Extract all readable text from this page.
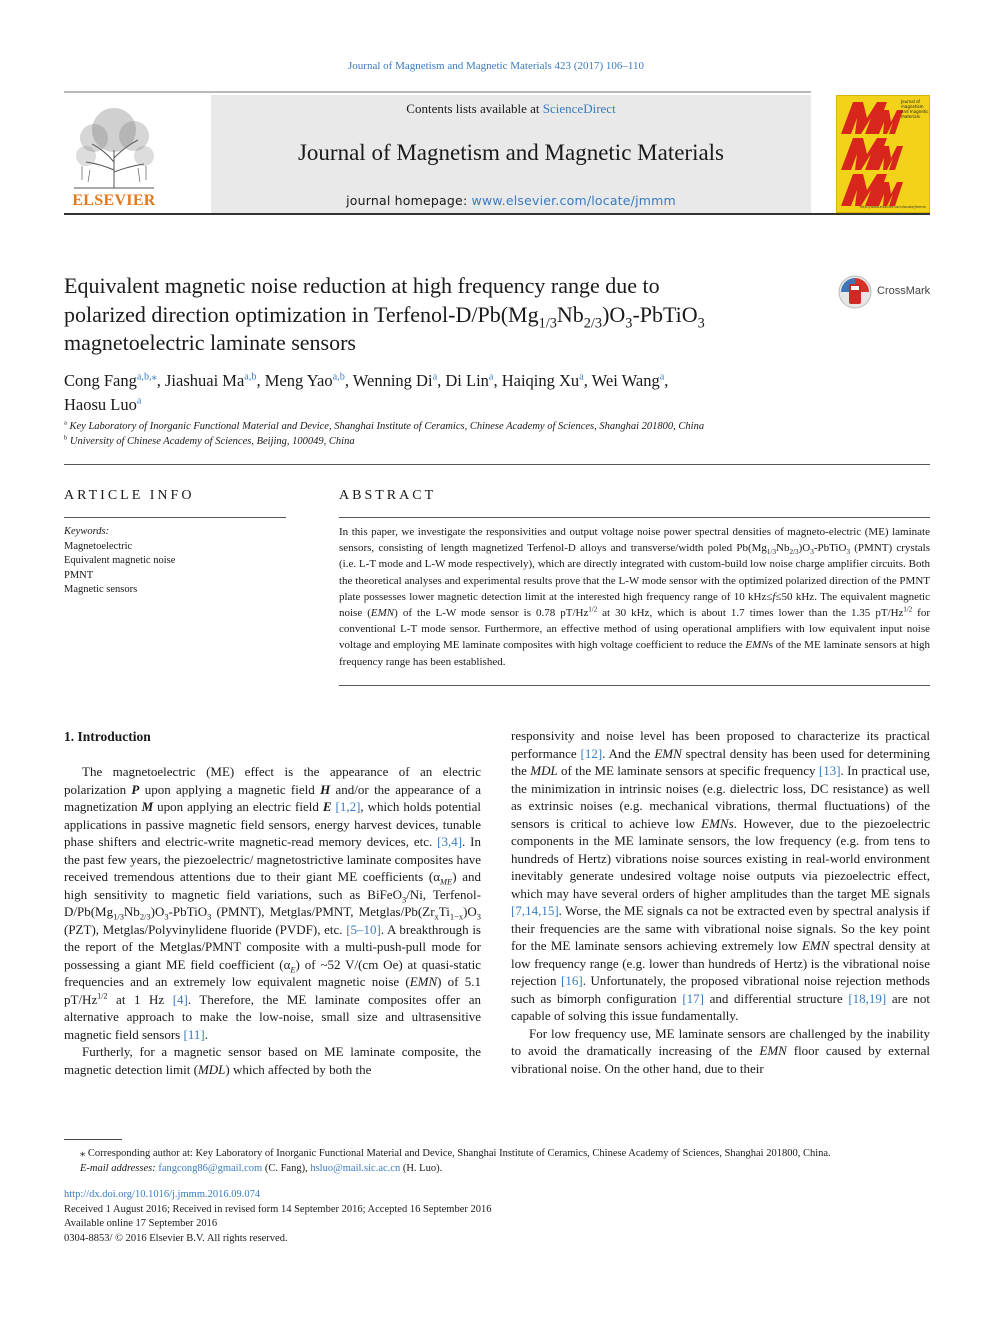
Journal of Magnetism and Magnetic Materials 423 (2017) 106–110
ELSEVIER
Contents lists available at ScienceDirect
Journal of Magnetism and Magnetic Materials
journal homepage: www.elsevier.com/locate/jmmm
Journal of magnetism and magnetic materials
http://www.elsevier.com/locate/jmmm
Equivalent magnetic noise reduction at high frequency range due to
polarized direction optimization in Terfenol-$D/Pb(Mg_{1/3}Nb_{2/3})O_3-PbTiO_3$
magnetoelectric laminate sensors
CrossMark
Cong Fang$^{a,b,⁎}$, Jiashuai Ma$^{a,b}$, Meng Yao$^{a,b}$, Wenning Di$^a$, Di Lin$^a$, Haiqing Xu$^a$, Wei Wang$^a$,
Haosu Luo$^a$
$^a$ Key Laboratory of Inorganic Functional Material and Device, Shanghai Institute of Ceramics, Chinese Academy of Sciences, Shanghai 201800, China
$^b$ University of Chinese Academy of Sciences, Beijing, 100049, China
ARTICLE INFO	ABSTRACT
Keywords:
Magnetoelectric
Equivalent magnetic noise
PMNT
Magnetic sensors
In this paper, we investigate the responsivities and output voltage noise power spectral densities of magneto-electric (ME) laminate sensors, consisting of length magnetized Terfenol-D alloys and transverse/width poled $Pb(Mg_{1/3}Nb_{2/3})O_3-PbTiO_3$ (PMNT) crystals (i.e. L-T mode and L-W mode respectively), which are directly integrated with custom-build low noise charge amplifier circuits. Both the theoretical analyses and experimental results prove that the L-W mode sensor with the optimized polarized direction of the PMNT plate possesses lower magnetic detection limit at the interested high frequency range of 10 kHz≤f≤50 kHz. The equivalent magnetic noise (EMN) of the L-W mode sensor is 0.78 $pT/Hz^{1/2}$ at 30 kHz, which is about 1.7 times lower than the 1.35 $pT/Hz^{1/2}$ for conventional L-T mode sensor. Furthermore, an effective method of using operational amplifiers with low equivalent input noise voltage and employing ME laminate composites with high voltage coefficient to reduce the EMNs of the ME laminate sensors at high frequency range has been established.
1. Introduction

The magnetoelectric (ME) effect is the appearance of an electric polarization P upon applying a magnetic field H and/or the appearance of a magnetization M upon applying an electric field E [1,2], which holds potential applications in passive magnetic field sensors, energy harvest devices, tunable phase shifters and electric-write magnetic-read memory devices, etc. [3,4]. In the past few years, the piezoelectric/ magnetostrictive laminate composites have received tremendous attentions due to their giant ME coefficients $(\alpha_{ME})$ and high sensitivity to magnetic field variations, such as BiFeO$_3$/Ni, Terfenol-$D/Pb(Mg_{1/3}Nb_{2/3})O_3-PbTiO_3$ (PMNT), Metglas/PMNT, Metglas/$Pb(Zr_xTi_{1-x})O_3$ (PZT), Metglas/Polyvinylidene fluoride (PVDF), etc. [5–10]. A breakthrough is the report of the Metglas/PMNT composite with a multi-push-pull mode for possessing a giant ME field coefficient $(\alpha_E)$ of ~52 V/(cm Oe) at quasi-static frequencies and an extremely low equivalent magnetic noise (EMN) of 5.1 $pT/Hz^{1/2}$ at 1 Hz [4]. Therefore, the ME laminate composites offer an alternative approach to make the low-noise, small size and ultrasensitive magnetic field sensors [11].

Furtherly, for a magnetic sensor based on ME laminate composite, the magnetic detection limit (MDL) which affected by both the

responsivity and noise level has been proposed to characterize its practical performance [12]. And the EMN spectral density has been used for determining the MDL of the ME laminate sensors at specific frequency [13]. In practical use, the minimization in intrinsic noises (e.g. dielectric loss, DC resistance) as well as extrinsic noises (e.g. mechanical vibrations, thermal fluctuations) of the sensors is critical to achieve low EMNs. However, due to the piezoelectric components in the ME laminate sensors, the low frequency (e.g. from tens to hundreds of Hertz) vibrations noise sources existing in real-world environment inevitably generate undesired voltage noise outputs via piezoelectric effect, which may have several orders of higher amplitudes than the target ME signals [7,14,15]. Worse, the ME signals ca not be extracted even by spectral analysis if their frequencies are the same with vibrational noise signals. So the key point for the ME laminate sensors achieving extremely low EMN spectral density at low frequency range (e.g. lower than hundreds of Hertz) is the vibrational noise rejection [16]. Unfortunately, the proposed vibrational noise rejection methods such as bimorph configuration [17] and differential structure [18,19] are not capable of solving this issue fundamentally.

For low frequency use, ME laminate sensors are challenged by the inability to avoid the dramatically increasing of the EMN floor caused by external vibrational noise. On the other hand, due to their

⁎ Corresponding author at: Key Laboratory of Inorganic Functional Material and Device, Shanghai Institute of Ceramics, Chinese Academy of Sciences, Shanghai 201800, China.
E-mail addresses: fangcong86@gmail.com (C. Fang), hsluo@mail.sic.ac.cn (H. Luo).
http://dx.doi.org/10.1016/j.jmmm.2016.09.074
Received 1 August 2016; Received in revised form 14 September 2016; Accepted 16 September 2016
Available online 17 September 2016
0304-8853/ © 2016 Elsevier B.V. All rights reserved.
